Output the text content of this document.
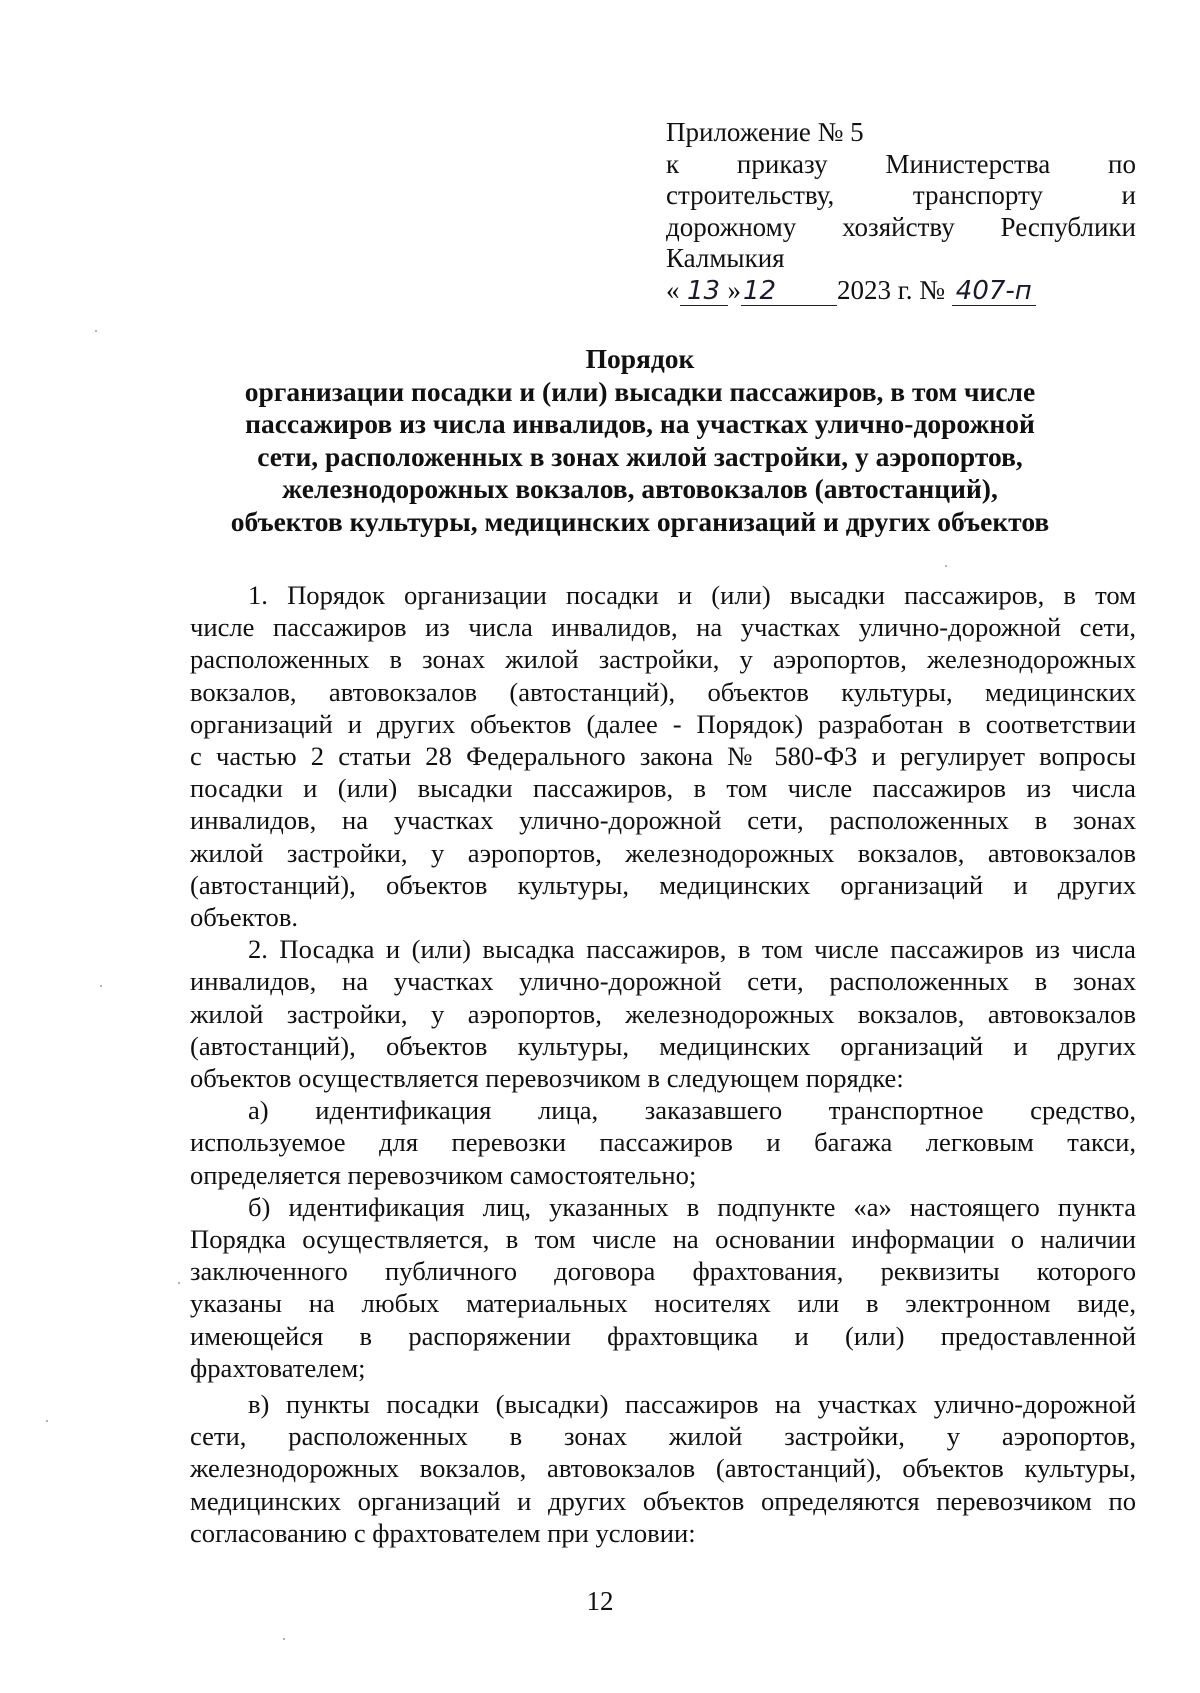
Приложение № 5
к приказу Министерства по
строительству, транспорту и
дорожному хозяйству Республики
Калмыкия
« 13 »12 2023 г. № 407-п
Порядок
организации посадки и (или) высадки пассажиров, в том числе
пассажиров из числа инвалидов, на участках улично-дорожной
сети, расположенных в зонах жилой застройки, у аэропортов,
железнодорожных вокзалов, автовокзалов (автостанций),
объектов культуры, медицинских организаций и других объектов
1. Порядок организации посадки и (или) высадки пассажиров, в том
числе пассажиров из числа инвалидов, на участках улично-дорожной сети,
расположенных в зонах жилой застройки, у аэропортов, железнодорожных
вокзалов, автовокзалов (автостанций), объектов культуры, медицинских
организаций и других объектов (далее - Порядок) разработан в соответствии
с частью 2 статьи 28 Федерального закона № 580-ФЗ и регулирует вопросы
посадки и (или) высадки пассажиров, в том числе пассажиров из числа
инвалидов, на участках улично-дорожной сети, расположенных в зонах
жилой застройки, у аэропортов, железнодорожных вокзалов, автовокзалов
(автостанций), объектов культуры, медицинских организаций и других
объектов.
2. Посадка и (или) высадка пассажиров, в том числе пассажиров из числа
инвалидов, на участках улично-дорожной сети, расположенных в зонах
жилой застройки, у аэропортов, железнодорожных вокзалов, автовокзалов
(автостанций), объектов культуры, медицинских организаций и других
объектов осуществляется перевозчиком в следующем порядке:
а) идентификация лица, заказавшего транспортное средство,
используемое для перевозки пассажиров и багажа легковым такси,
определяется перевозчиком самостоятельно;
б) идентификация лиц, указанных в подпункте «а» настоящего пункта
Порядка осуществляется, в том числе на основании информации о наличии
заключенного публичного договора фрахтования, реквизиты которого
указаны на любых материальных носителях или в электронном виде,
имеющейся в распоряжении фрахтовщика и (или) предоставленной
фрахтователем;
в) пункты посадки (высадки) пассажиров на участках улично-дорожной
сети, расположенных в зонах жилой застройки, у аэропортов,
железнодорожных вокзалов, автовокзалов (автостанций), объектов культуры,
медицинских организаций и других объектов определяются перевозчиком по
согласованию с фрахтователем при условии:
12
